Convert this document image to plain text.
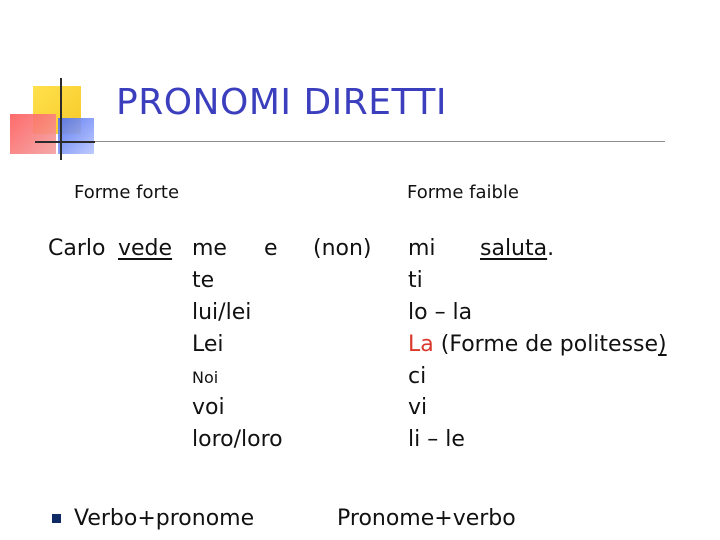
PRONOMI DIRETTI
Forme forte	Forme faible
Carlo vede me e
te
lui/lei
Lei
Noi
voi
loro/loro
(non) mi saluta.
ti
lo – la
La (Forme de politesse)
ci
vi
li – le
Verbo+pronome	Pronome+verbo
